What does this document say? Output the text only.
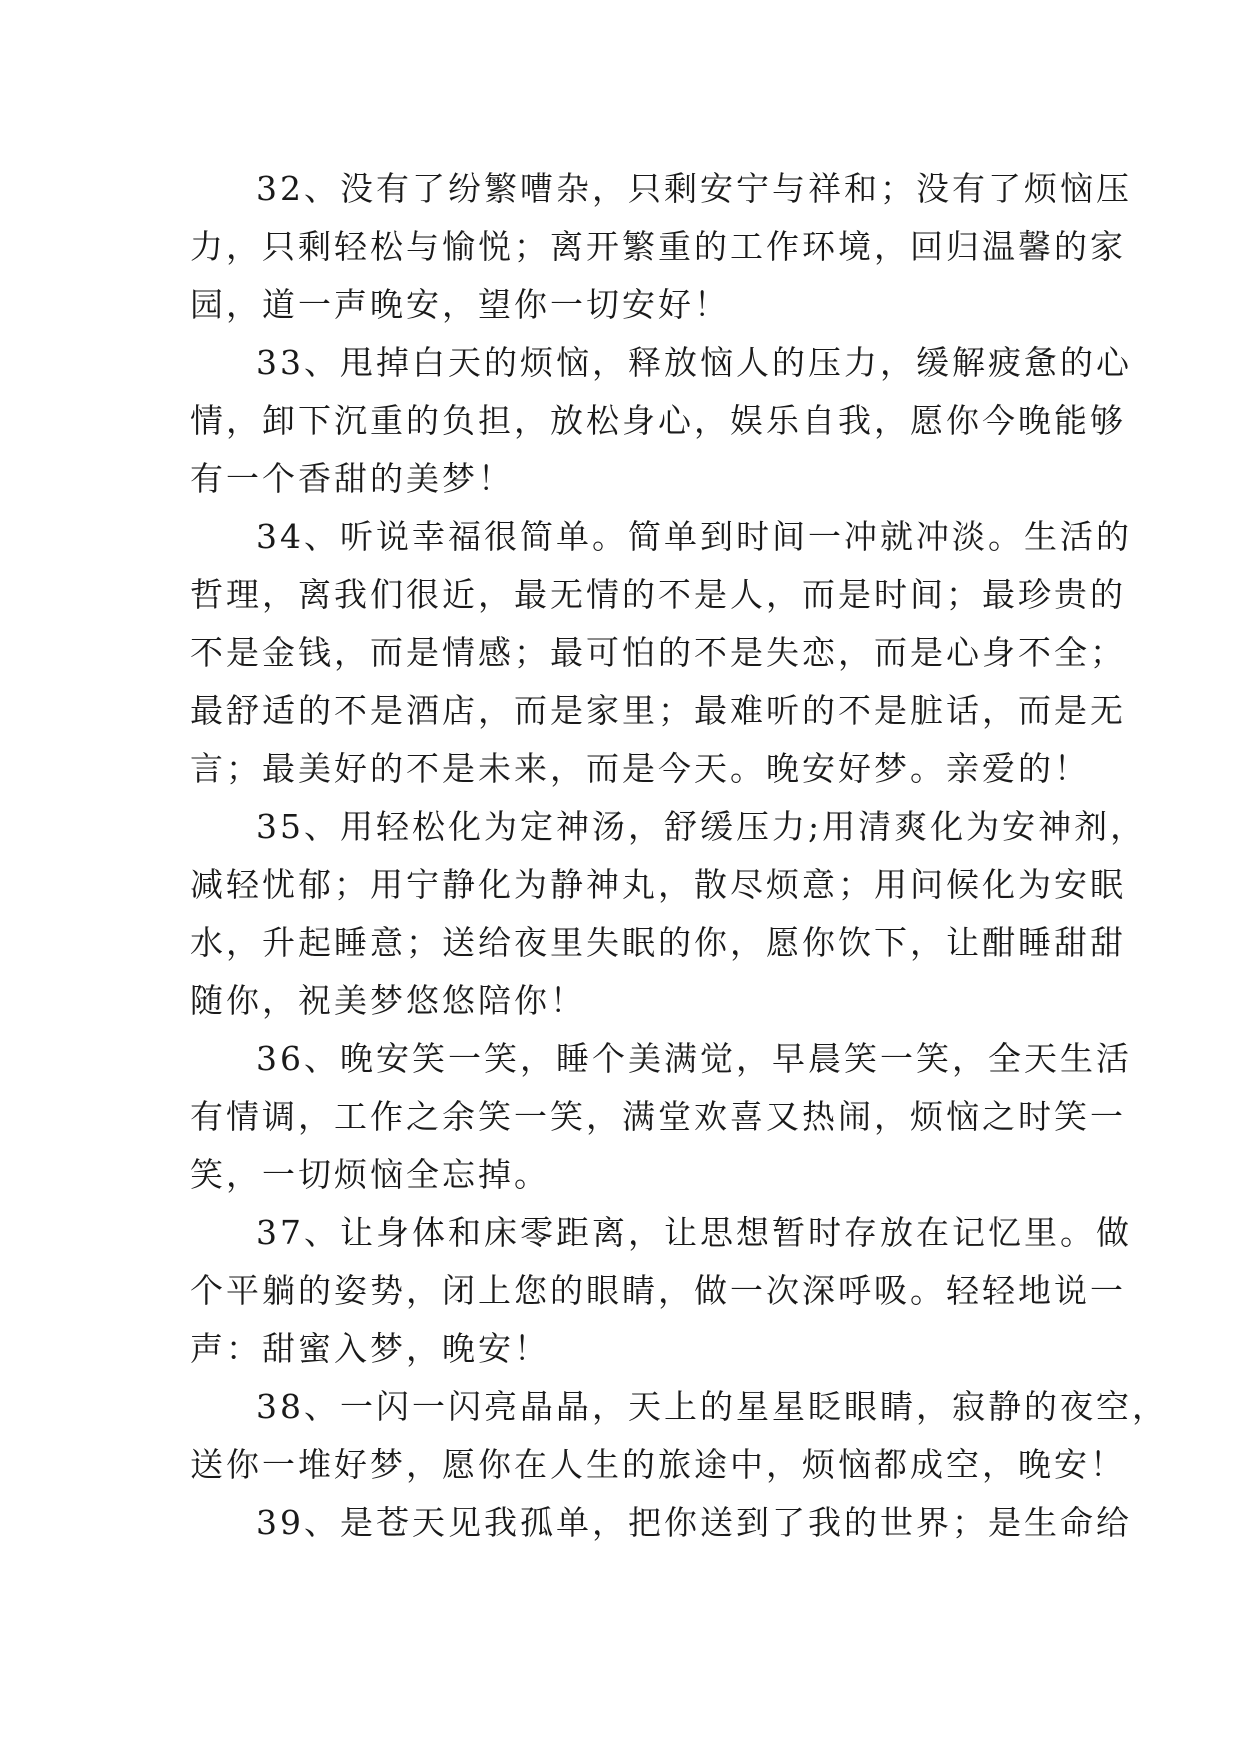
32、没有了纷繁嘈杂，只剩安宁与祥和；没有了烦恼压
力，只剩轻松与愉悦；离开繁重的工作环境，回归温馨的家
园，道一声晚安，望你一切安好！
33、甩掉白天的烦恼，释放恼人的压力，缓解疲惫的心
情，卸下沉重的负担，放松身心，娱乐自我，愿你今晚能够
有一个香甜的美梦！
34、听说幸福很简单。简单到时间一冲就冲淡。生活的
哲理，离我们很近，最无情的不是人，而是时间；最珍贵的
不是金钱，而是情感；最可怕的不是失恋，而是心身不全；
最舒适的不是酒店，而是家里；最难听的不是脏话，而是无
言；最美好的不是未来，而是今天。晚安好梦。亲爱的！
35、用轻松化为定神汤，舒缓压力;用清爽化为安神剂，
减轻忧郁；用宁静化为静神丸，散尽烦意；用问候化为安眠
水，升起睡意；送给夜里失眠的你，愿你饮下，让酣睡甜甜
随你，祝美梦悠悠陪你！
36、晚安笑一笑，睡个美满觉，早晨笑一笑，全天生活
有情调，工作之余笑一笑，满堂欢喜又热闹，烦恼之时笑一
笑，一切烦恼全忘掉。
37、让身体和床零距离，让思想暂时存放在记忆里。做
个平躺的姿势，闭上您的眼睛，做一次深呼吸。轻轻地说一
声：甜蜜入梦，晚安！
38、一闪一闪亮晶晶，天上的星星眨眼睛，寂静的夜空，
送你一堆好梦，愿你在人生的旅途中，烦恼都成空，晚安！
39、是苍天见我孤单，把你送到了我的世界；是生命给
